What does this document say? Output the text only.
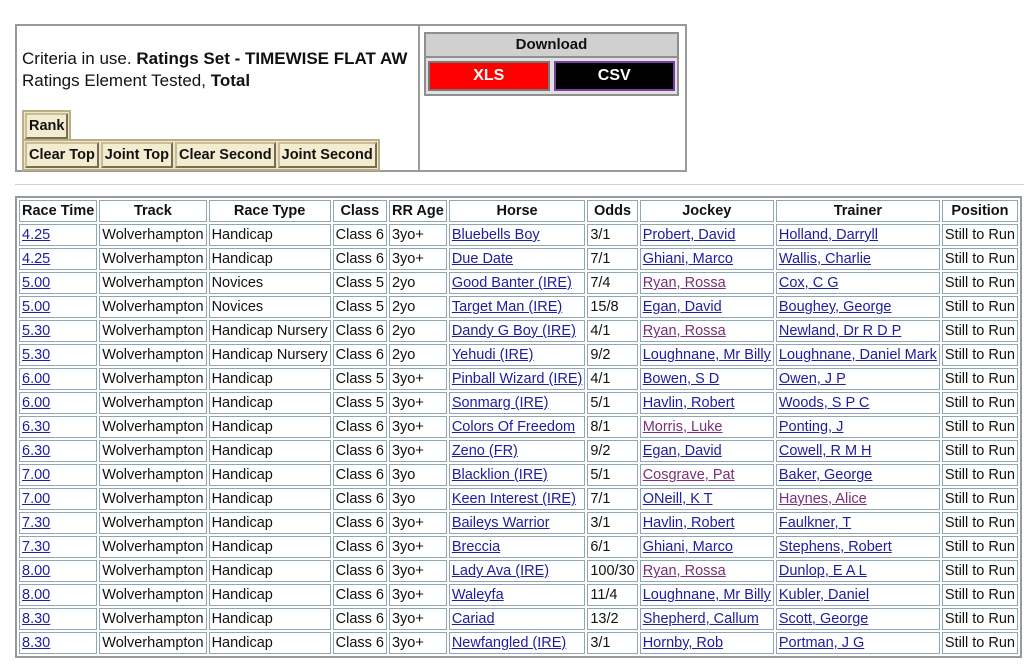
Criteria in use. Ratings Set - TIMEWISE FLAT AW
Ratings Element Tested, Total
Rank
Clear Top Joint Top Clear Second Joint Second
Download
XLS	CSV
Race Time	Track	Race Type	Class	RR Age	Horse	Odds	Jockey	Trainer	Position
4.25	Wolverhampton	Handicap	Class 6	3yo+	Bluebells Boy	3/1	Probert, David	Holland, Darryll	Still to Run
4.25	Wolverhampton	Handicap	Class 6	3yo+	Due Date	7/1	Ghiani, Marco	Wallis, Charlie	Still to Run
5.00	Wolverhampton	Novices	Class 5	2yo	Good Banter (IRE)	7/4	Ryan, Rossa	Cox, C G	Still to Run
5.00	Wolverhampton	Novices	Class 5	2yo	Target Man (IRE)	15/8	Egan, David	Boughey, George	Still to Run
5.30	Wolverhampton	Handicap Nursery	Class 6	2yo	Dandy G Boy (IRE)	4/1	Ryan, Rossa	Newland, Dr R D P	Still to Run
5.30	Wolverhampton	Handicap Nursery	Class 6	2yo	Yehudi (IRE)	9/2	Loughnane, Mr Billy	Loughnane, Daniel Mark	Still to Run
6.00	Wolverhampton	Handicap	Class 5	3yo+	Pinball Wizard (IRE)	4/1	Bowen, S D	Owen, J P	Still to Run
6.00	Wolverhampton	Handicap	Class 5	3yo+	Sonmarg (IRE)	5/1	Havlin, Robert	Woods, S P C	Still to Run
6.30	Wolverhampton	Handicap	Class 6	3yo+	Colors Of Freedom	8/1	Morris, Luke	Ponting, J	Still to Run
6.30	Wolverhampton	Handicap	Class 6	3yo+	Zeno (FR)	9/2	Egan, David	Cowell, R M H	Still to Run
7.00	Wolverhampton	Handicap	Class 6	3yo	Blacklion (IRE)	5/1	Cosgrave, Pat	Baker, George	Still to Run
7.00	Wolverhampton	Handicap	Class 6	3yo	Keen Interest (IRE)	7/1	ONeill, K T	Haynes, Alice	Still to Run
7.30	Wolverhampton	Handicap	Class 6	3yo+	Baileys Warrior	3/1	Havlin, Robert	Faulkner, T	Still to Run
7.30	Wolverhampton	Handicap	Class 6	3yo+	Breccia	6/1	Ghiani, Marco	Stephens, Robert	Still to Run
8.00	Wolverhampton	Handicap	Class 6	3yo+	Lady Ava (IRE)	100/30	Ryan, Rossa	Dunlop, E A L	Still to Run
8.00	Wolverhampton	Handicap	Class 6	3yo+	Waleyfa	11/4	Loughnane, Mr Billy	Kubler, Daniel	Still to Run
8.30	Wolverhampton	Handicap	Class 6	3yo+	Cariad	13/2	Shepherd, Callum	Scott, George	Still to Run
8.30	Wolverhampton	Handicap	Class 6	3yo+	Newfangled (IRE)	3/1	Hornby, Rob	Portman, J G	Still to Run
